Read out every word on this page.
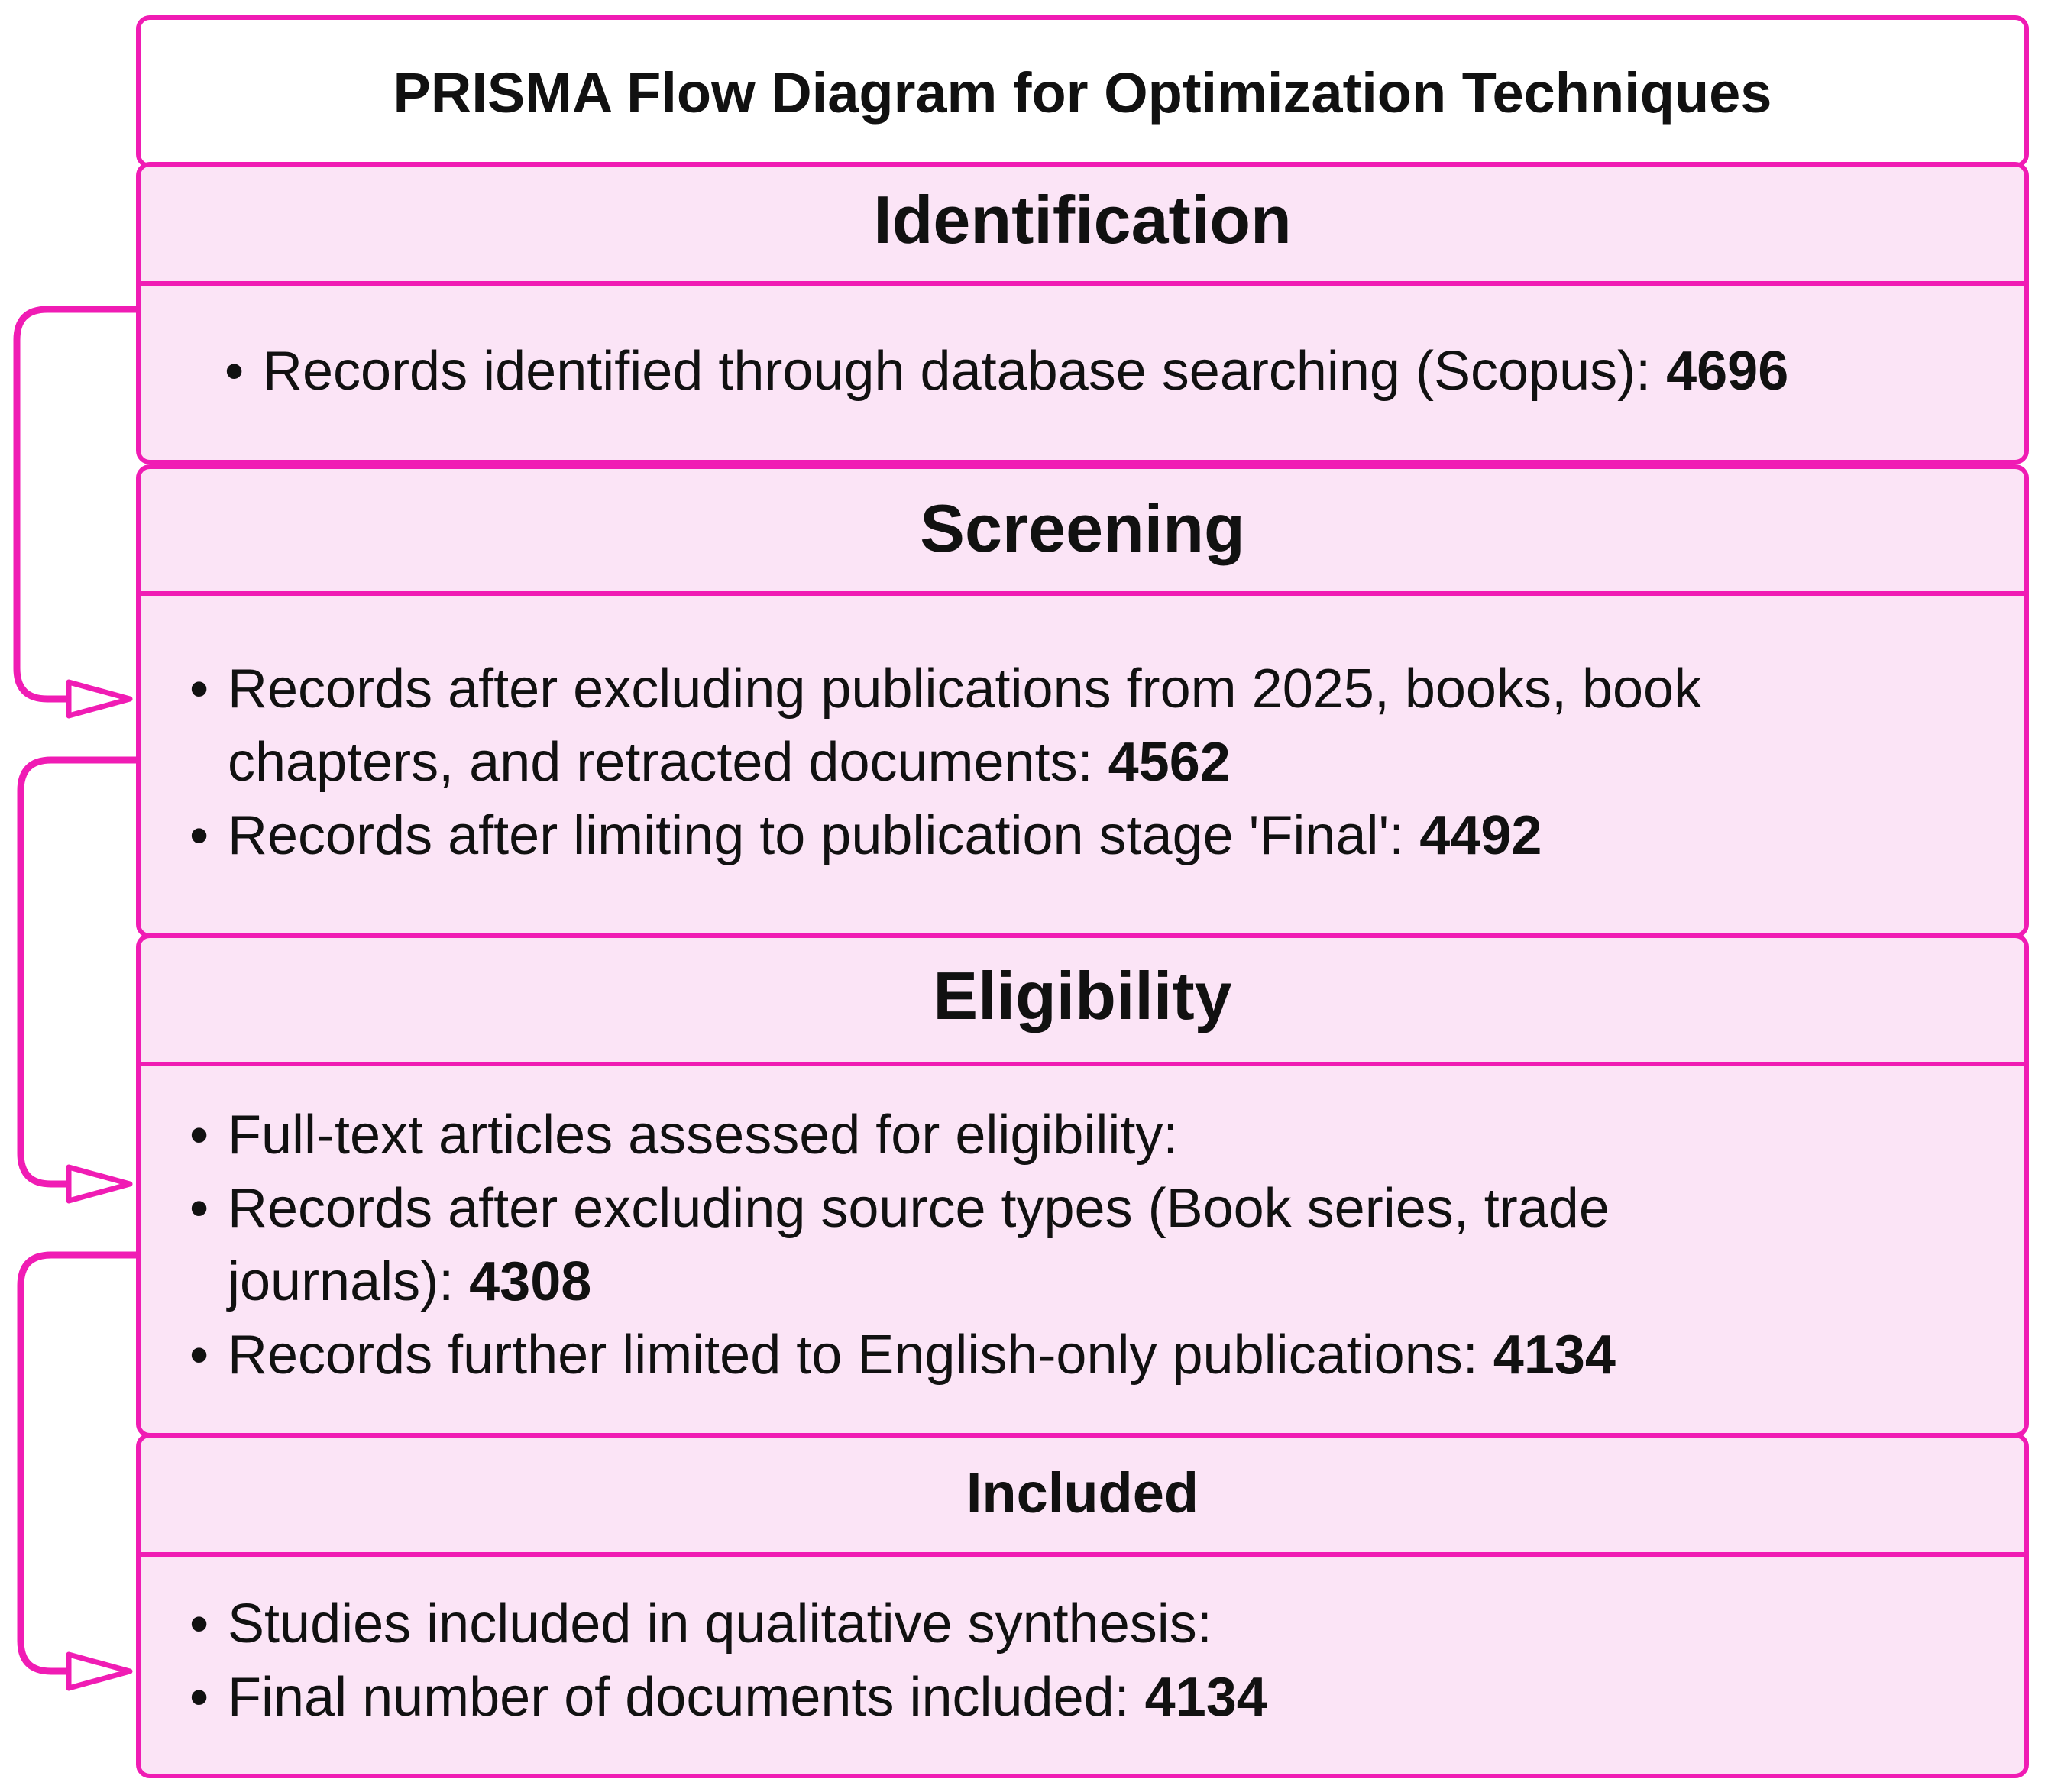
PRISMA Flow Diagram for Optimization Techniques
Identification
• Records identified through database searching (Scopus): 4696
Screening
• Records after excluding publications from 2025, books, book
chapters, and retracted documents: 4562
• Records after limiting to publication stage 'Final': 4492
Eligibility
• Full-text articles assessed for eligibility:
• Records after excluding source types (Book series, trade
journals): 4308
• Records further limited to English-only publications: 4134
Included
• Studies included in qualitative synthesis:
• Final number of documents included: 4134
